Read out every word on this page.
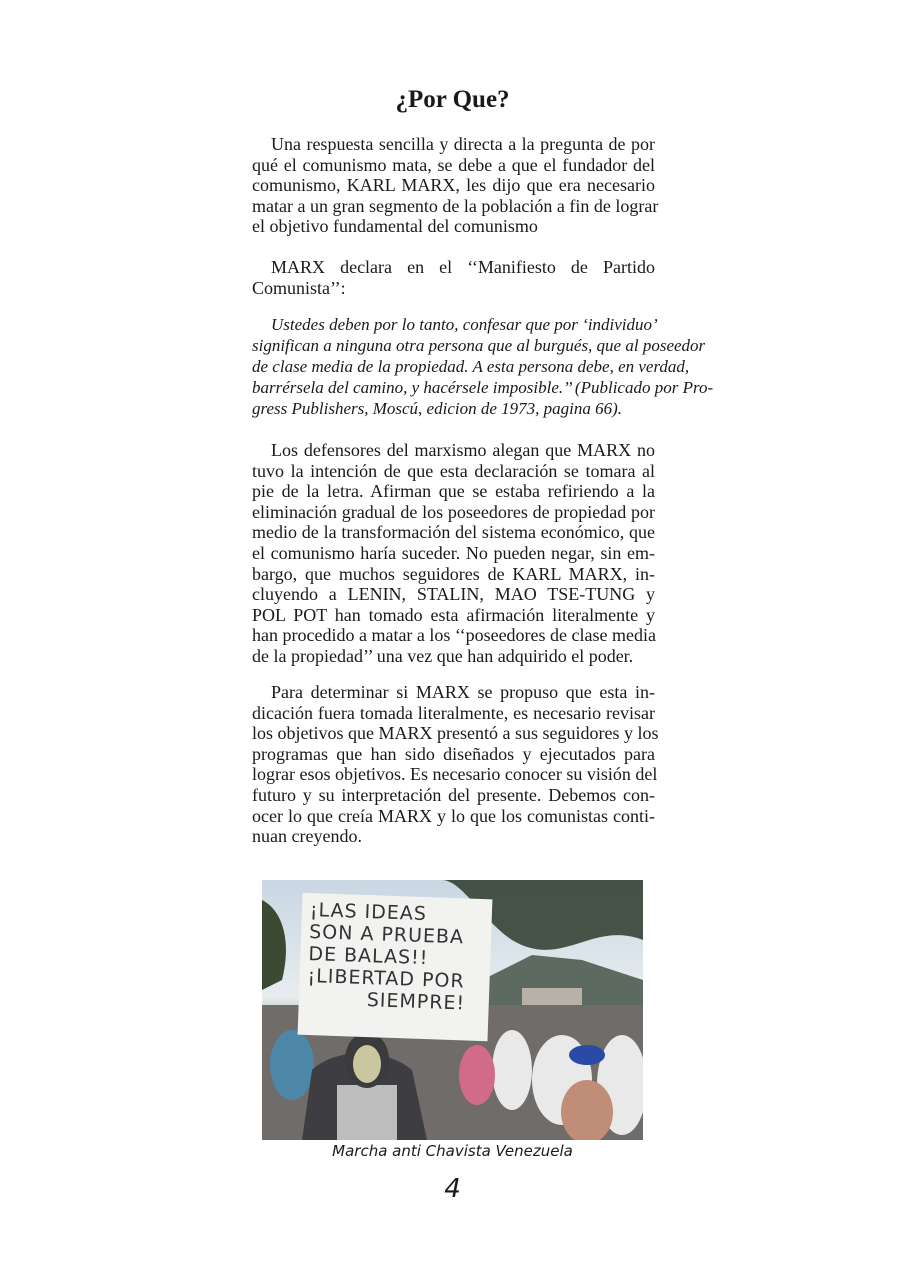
¿Por Que?
Una respuesta sencilla y directa a la pregunta de por
qué el comunismo mata, se debe a que el fundador del
comunismo, KARL MARX, les dijo que era necesario
matar a un gran segmento de la población a fin de lograr
el objetivo fundamental del comunismo
MARX declara en el ‘‘Manifiesto de Partido
Comunista’’:
Ustedes deben por lo tanto, confesar que por ‘individuo’
significan a ninguna otra persona que al burgués, que al poseedor
de clase media de la propiedad. A esta persona debe, en verdad,
barrérsela del camino, y hacérsele imposible.’’ (Publicado por Pro-
gress Publishers, Moscú, edicion de 1973, pagina 66).
Los defensores del marxismo alegan que MARX no
tuvo la intención de que esta declaración se tomara al
pie de la letra. Afirman que se estaba refiriendo a la
eliminación gradual de los poseedores de propiedad por
medio de la transformación del sistema económico, que
el comunismo haría suceder. No pueden negar, sin em-
bargo, que muchos seguidores de KARL MARX, in-
cluyendo a LENIN, STALIN, MAO TSE-TUNG y
POL POT han tomado esta afirmación literalmente y
han procedido a matar a los ‘‘poseedores de clase media
de la propiedad’’ una vez que han adquirido el poder.
Para determinar si MARX se propuso que esta in-
dicación fuera tomada literalmente, es necesario revisar
los objetivos que MARX presentó a sus seguidores y los
programas que han sido diseñados y ejecutados para
lograr esos objetivos. Es necesario conocer su visión del
futuro y su interpretación del presente. Debemos con-
ocer lo que creía MARX y lo que los comunistas conti-
nuan creyendo.
¡LAS IDEAS
SON A PRUEBA
DE BALAS!!
¡LIBERTAD POR
SIEMPRE!
Marcha anti Chavista Venezuela
4
